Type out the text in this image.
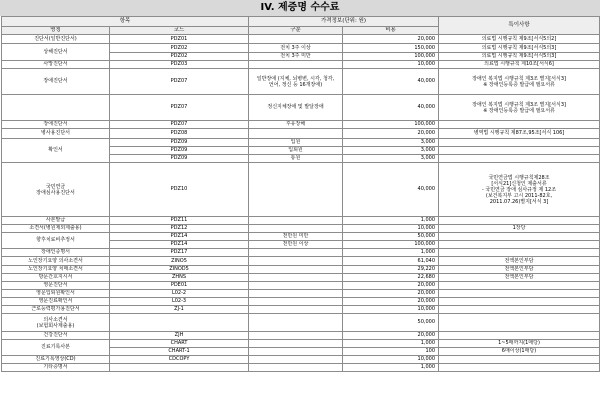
IV. 제증명 수수료
항목		가격정보(단위: 원)		특이사항
명칭	코드	구분	비용	
진단서(일반진단서)	PDZ01		20,000	의료법 시행규칙 제9조[서식5의2]
상해진단서	PDZ02	전치 3주 이상	150,000	의료법 시행규칙 제9조[서식5의3]
	PDZ02	전치 3주 미만	100,000	의료법 시행규칙 제9조[서식5의3]
사망진단서	PDZ03		10,000	의료법 시행규칙 제10조[서식6]
장애진단서	PDZ07	일반장애 (지체, 뇌병변, 시각, 청각,
언어, 정신 등 16개장애)	40,000	장애인 복지법 시행규칙 제3조 별지[서식3]
※ 장애인등록증 발급에 필요서류

	PDZ07	정신지체장애 및 발달장애	40,000	장애인 복지법 시행규칙 제3조 별지[서식3]
※ 장애인등록증 발급에 필요서류

장애진단서	PDZ07	후유장해	100,000	
병사용진단서	PDZ08		20,000	병역법 시행규칙 제87조,95조[서식 106]
확인서	PDZ09	입원	3,000	
	PDZ09	입퇴원	3,000	
	PDZ09	통원	3,000	

국민연금
장애심사용진단서	PDZ10		40,000	국민연금법 시행규칙제28조
[서식21]신청인 제출서류
- 국민연금 장애 심사규정 제 12조
(보건복지부 고시 2011-82호,
2011.07.26)별지[서식 3]

사본발급	PDZ11		1,000	
소견서(병원제외제출용)	PDZ12		10,000	1장당
향후치료비추정서	PDZ14	천만원 미만	50,000	
	PDZ14	천만원 이상	100,000	
장애인증명서	PDZ17		1,000	
노인장기요양 의사소견서	ZINO5		61,040	전액본인부담
노인장기요양 치매소견서	ZINOD5		29,220	전액본인부담
방문간호지시서	ZHNS		22,680	전액본인부담
영문진단서	PDE01		20,000	
영문입퇴원확인서	L02-2		20,000	
영문진료확인서	L02-3		20,000	
근로능력평가용진단서	ZJ-1		10,000	

의사소견서
(보험회사제출용)			50,000	
건강진단서	ZJH		20,000	
진료기록사본	CHART		1,000	1~5매까지(1매당)
	CHART-1		100	6매이상(1매당)
진료기록영상(CD)	CDCOPY		10,000	
기타증명서			1,000	
